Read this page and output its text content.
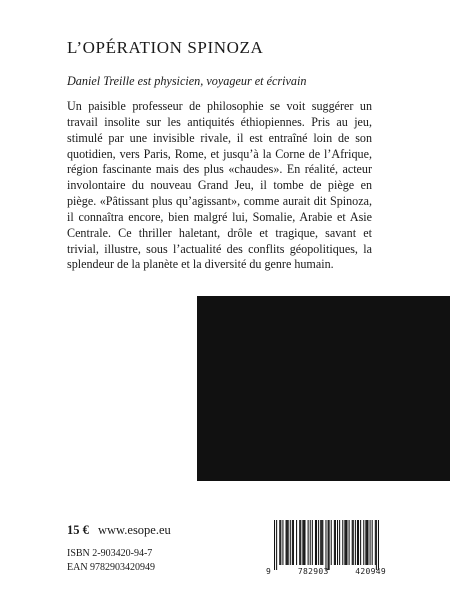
L’OPÉRATION SPINOZA

Daniel Treille est physicien, voyageur et écrivain

Un paisible professeur de philosophie se voit suggérer un travail insolite sur les antiquités éthiopiennes. Pris au jeu, stimulé par une invisible rivale, il est entraîné loin de son quotidien, vers Paris, Rome, et jusqu’à la Corne de l’Afrique, région fascinante mais des plus «chaudes». En réalité, acteur involontaire du nouveau Grand Jeu, il tombe de piège en piège. «Pâtissant plus qu’agissant», comme aurait dit Spinoza, il connaîtra encore, bien malgré lui, Somalie, Arabie et Asie Centrale. Ce thriller haletant, drôle et tragique, savant et trivial, illustre, sous l’actualité des conflits géopolitiques, la splendeur de la planète et la diversité du genre humain.

15 € www.esope.eu

ISBN 2-903420-94-7

EAN 9782903420949	9	782903	420949
